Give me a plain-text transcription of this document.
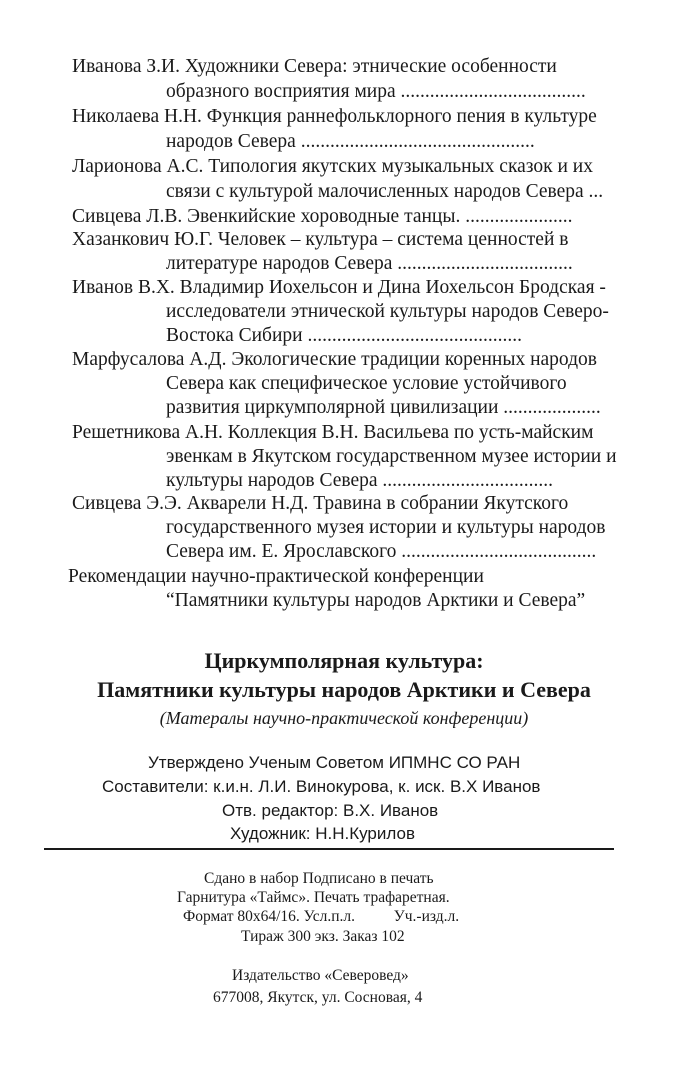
Иванова З.И. Художники Севера: этнические особенности
образного восприятия мира ......................................
Николаева Н.Н. Функция раннефольклорного пения в культуре
народов Севера ................................................
Ларионова А.С. Типология якутских музыкальных сказок и их
связи с культурой малочисленных народов Севера ...
Сивцева Л.В. Эвенкийские хороводные танцы. ......................
Хазанкович Ю.Г. Человек – культура – система ценностей в
литературе народов Севера ....................................
Иванов В.Х. Владимир Иохельсон и Дина Иохельсон Бродская -
исследователи этнической культуры народов Северо-
Востока Сибири ............................................
Марфусалова А.Д. Экологические традиции коренных народов
Севера как специфическое условие устойчивого
развития циркумполярной цивилизации ....................
Решетникова А.Н. Коллекция В.Н. Васильева по усть-майским
эвенкам в Якутском государственном музее истории и
культуры народов Севера ...................................
Сивцева Э.Э. Акварели Н.Д. Травина в собрании Якутского
государственного музея истории и культуры народов
Севера им. Е. Ярославского ........................................
Рекомендации научно-практической конференции
“Памятники культуры народов Арктики и Севера”
Циркумполярная культура:
Памятники культуры народов Арктики и Севера
(Матерaлы научно-практической конференции)
Утверждено Ученым Советом ИПМНС СО РАН
Составители: к.и.н. Л.И. Винокурова, к. иск. В.Х Иванов
Отв. редактор: В.Х. Иванов
Художник: Н.Н.Курилов
Сдано в набор Подписано в печать
Гарнитура «Таймс». Печать трафаретная.
Формат 80х64/16. Усл.п.л.          Уч.-изд.л.
Тираж 300 экз. Заказ 102
Издательство «Северовед»
677008, Якутск, ул. Сосновая, 4
